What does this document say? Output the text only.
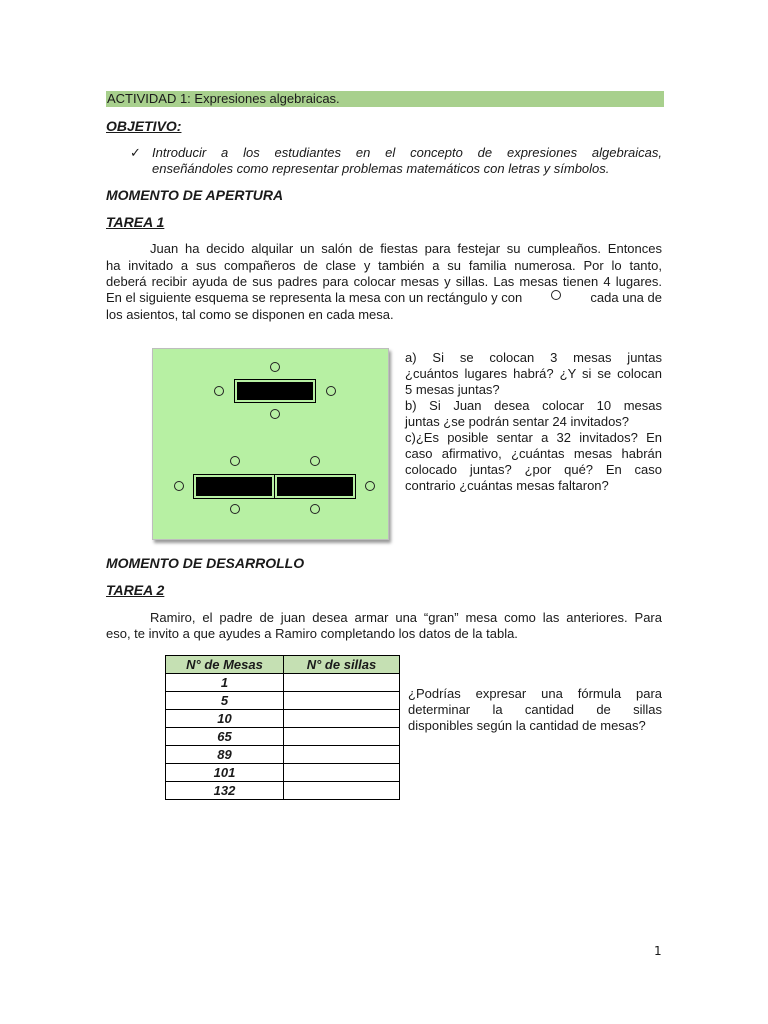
ACTIVIDAD 1: Expresiones algebraicas.
OBJETIVO:
✓ Introducir a los estudiantes en el concepto de expresiones algebraicas,
enseñándoles como representar problemas matemáticos con letras y símbolos.
MOMENTO DE APERTURA
TAREA 1
Juan ha decido alquilar un salón de fiestas para festejar su cumpleaños. Entonces
ha invitado a sus compañeros de clase y también a su familia numerosa. Por lo tanto,
deberá recibir ayuda de sus padres para colocar mesas y sillas. Las mesas tienen 4 lugares.
En el siguiente esquema se representa la mesa con un rectángulo y con	cada una de
los asientos, tal como se disponen en cada mesa.
a) Si se colocan 3 mesas juntas
¿cuántos lugares habrá? ¿Y si se colocan
5 mesas juntas?
b) Si Juan desea colocar 10 mesas
juntas ¿se podrán sentar 24 invitados?
c)¿Es posible sentar a 32 invitados? En
caso afirmativo, ¿cuántas mesas habrán
colocado juntas? ¿por qué? En caso
contrario ¿cuántas mesas faltaron?
MOMENTO DE DESARROLLO
TAREA 2
Ramiro, el padre de juan desea armar una “gran” mesa como las anteriores. Para
eso, te invito a que ayudes a Ramiro completando los datos de la tabla.
N° de Mesas	N° de sillas
1	
5	
10	
65	
89	
101	
132	
¿Podrías expresar una fórmula para
determinar la cantidad de sillas
disponibles según la cantidad de mesas?
1
